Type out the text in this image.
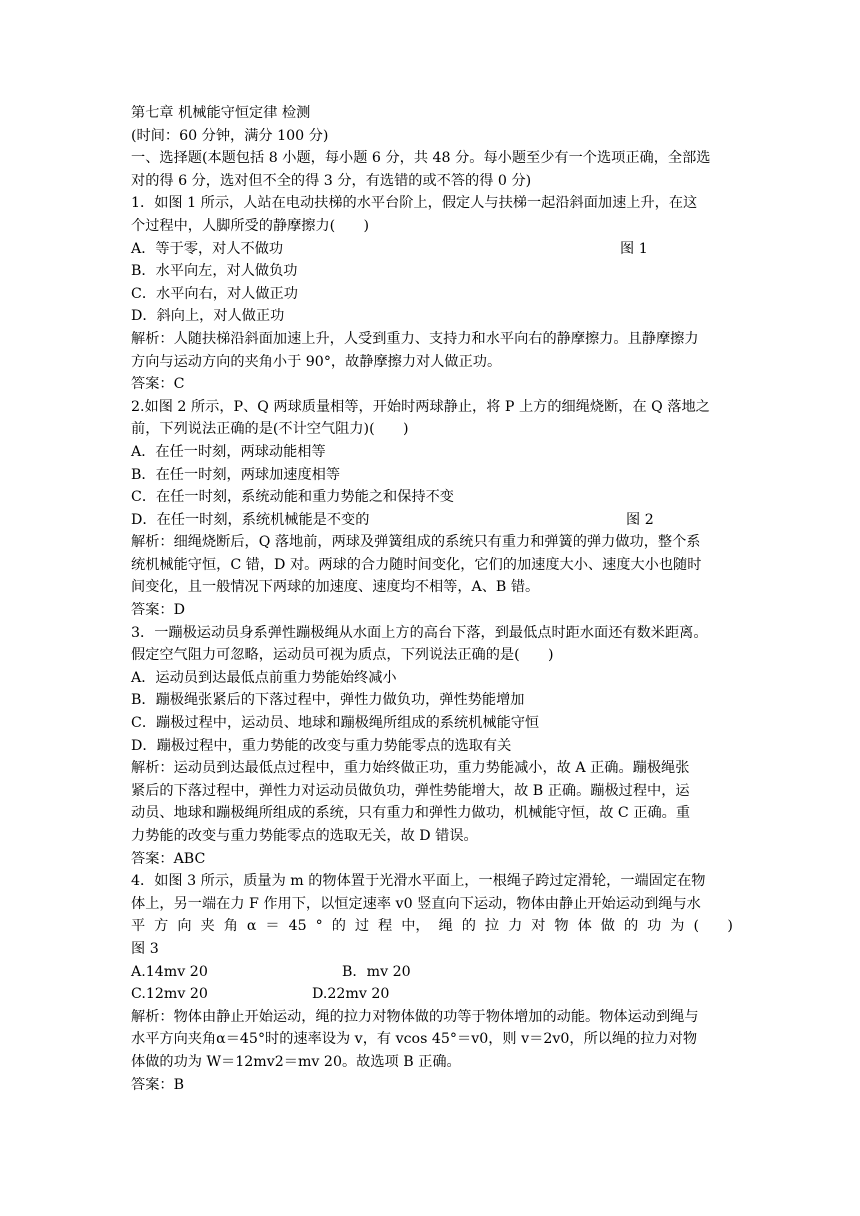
第七章 机械能守恒定律 检测
(时间：60 分钟，满分 100 分)
一、选择题(本题包括 8 小题，每小题 6 分，共 48 分。每小题至少有一个选项正确，全部选
对的得 6 分，选对但不全的得 3 分，有选错的或不答的得 0 分)
1．如图 1 所示，人站在电动扶梯的水平台阶上，假定人与扶梯一起沿斜面加速上升，在这
个过程中，人脚所受的静摩擦力(　　)
A．等于零，对人不做功	图 1
B．水平向左，对人做负功
C．水平向右，对人做正功
D．斜向上，对人做正功
解析：人随扶梯沿斜面加速上升，人受到重力、支持力和水平向右的静摩擦力。且静摩擦力
方向与运动方向的夹角小于 90°，故静摩擦力对人做正功。
答案：C
2.如图 2 所示，P、Q 两球质量相等，开始时两球静止，将 P 上方的细绳烧断，在 Q 落地之
前，下列说法正确的是(不计空气阻力)(　　)
A．在任一时刻，两球动能相等
B．在任一时刻，两球加速度相等
C．在任一时刻，系统动能和重力势能之和保持不变
D．在任一时刻，系统机械能是不变的	图 2
解析：细绳烧断后，Q 落地前，两球及弹簧组成的系统只有重力和弹簧的弹力做功，整个系
统机械能守恒，C 错，D 对。两球的合力随时间变化，它们的加速度大小、速度大小也随时
间变化，且一般情况下两球的加速度、速度均不相等，A、B 错。
答案：D
3．一蹦极运动员身系弹性蹦极绳从水面上方的高台下落，到最低点时距水面还有数米距离。
假定空气阻力可忽略，运动员可视为质点，下列说法正确的是(　　)
A．运动员到达最低点前重力势能始终减小
B．蹦极绳张紧后的下落过程中，弹性力做负功，弹性势能增加
C．蹦极过程中，运动员、地球和蹦极绳所组成的系统机械能守恒
D．蹦极过程中，重力势能的改变与重力势能零点的选取有关
解析：运动员到达最低点过程中，重力始终做正功，重力势能减小，故 A 正确。蹦极绳张
紧后的下落过程中，弹性力对运动员做负功，弹性势能增大，故 B 正确。蹦极过程中，运
动员、地球和蹦极绳所组成的系统，只有重力和弹性力做功，机械能守恒，故 C 正确。重
力势能的改变与重力势能零点的选取无关，故 D 错误。
答案：ABC
4．如图 3 所示，质量为 m 的物体置于光滑水平面上，一根绳子跨过定滑轮，一端固定在物
体上，另一端在力 F 作用下，以恒定速率 v0 竖直向下运动，物体由静止开始运动到绳与水
平 方 向 夹 角 α ＝ 45 ° 的 过 程 中， 绳 的 拉 力 对 物 体 做 的 功 为 (　　)
图 3
A.14mv 20	B．mv 20
C.12mv 20	D.22mv 20
解析：物体由静止开始运动，绳的拉力对物体做的功等于物体增加的动能。物体运动到绳与
水平方向夹角α＝45°时的速率设为 v，有 vcos 45°＝v0，则 v＝2v0，所以绳的拉力对物
体做的功为 W＝12mv2＝mv 20。故选项 B 正确。
答案：B
